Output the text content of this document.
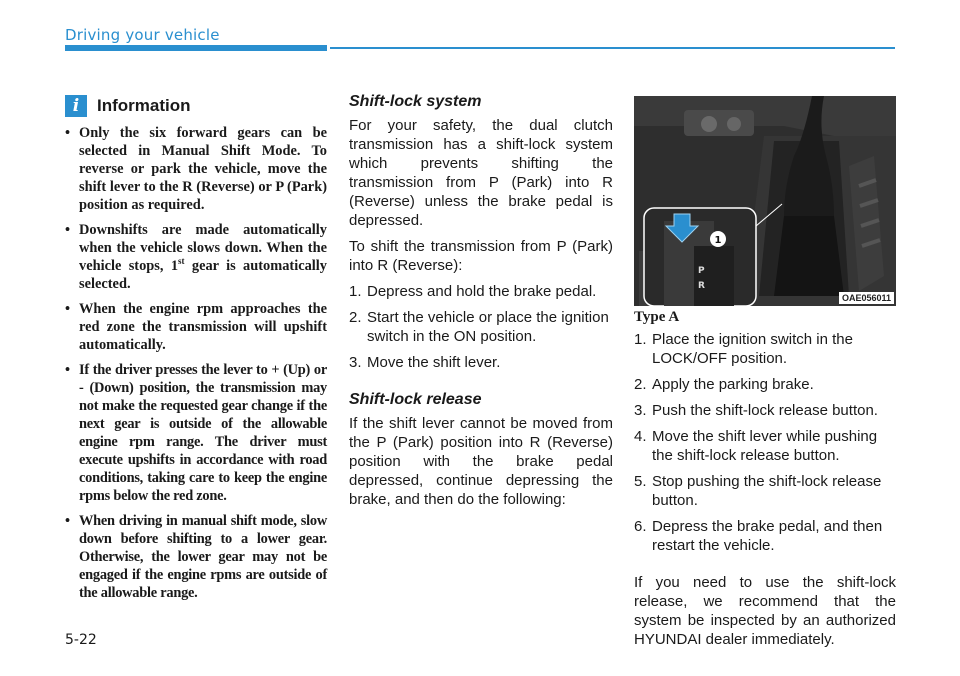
Driving your vehicle
i	Information
• Only the six forward gears can be selected in Manual Shift Mode. To reverse or park the vehicle, move the shift lever to the R (Reverse) or P (Park) position as required.
• Downshifts are made automatically when the vehicle slows down. When the vehicle stops, 1st gear is automatically selected.
• When the engine rpm approaches the red zone the transmission will upshift automatically.
• If the driver presses the lever to + (Up) or - (Down) position, the transmission may not make the requested gear change if the next gear is outside of the allowable engine rpm range. The driver must execute upshifts in accordance with road conditions, taking care to keep the engine rpms below the red zone.
• When driving in manual shift mode, slow down before shifting to a lower gear. Otherwise, the lower gear may not be engaged if the engine rpms are outside of the allowable range.
Shift-lock system

For your safety, the dual clutch transmission has a shift-lock system which prevents shifting the transmission from P (Park) into R (Reverse) unless the brake pedal is depressed.

To shift the transmission from P (Park) into R (Reverse):

1. Depress and hold the brake pedal.
2. Start the vehicle or place the ignition switch in the ON position.
3. Move the shift lever.
Shift-lock release

If the shift lever cannot be moved from the P (Park) position into R (Reverse) position with the brake pedal depressed, continue depressing the brake, and then do the following:

P
R
1
OAE056011
Type A
1. Place the ignition switch in the LOCK/OFF position.
2. Apply the parking brake.
3. Push the shift-lock release button.
4. Move the shift lever while pushing the shift-lock release button.
5. Stop pushing the shift-lock release button.
6. Depress the brake pedal, and then restart the vehicle.

If you need to use the shift-lock release, we recommend that the system be inspected by an authorized HYUNDAI dealer immediately.

5-22
